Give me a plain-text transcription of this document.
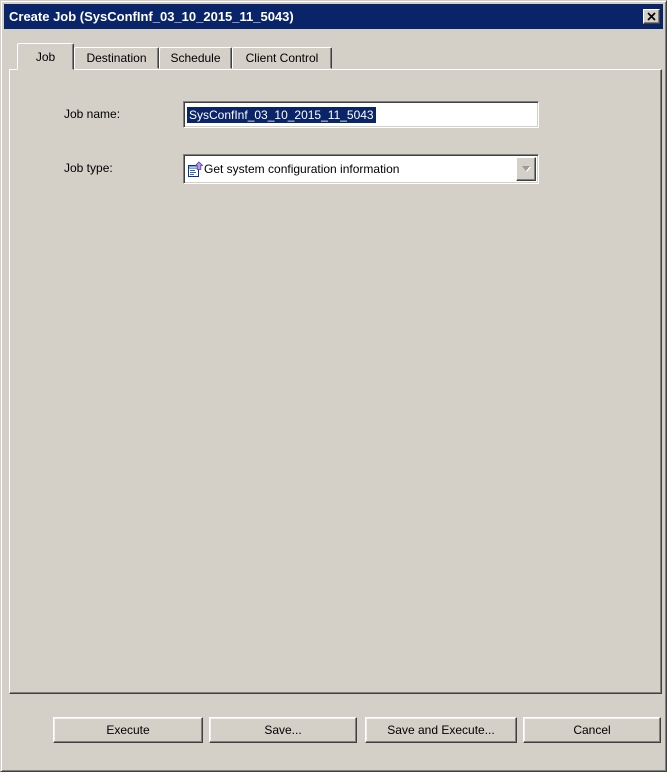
Create Job (SysConfInf_03_10_2015_11_5043)
Job	Destination Schedule Client Control
Job name:	SysConfInf_03_10_2015_11_5043
Job type:	Get system configuration information
Execute	Save...	Save and Execute...	Cancel
